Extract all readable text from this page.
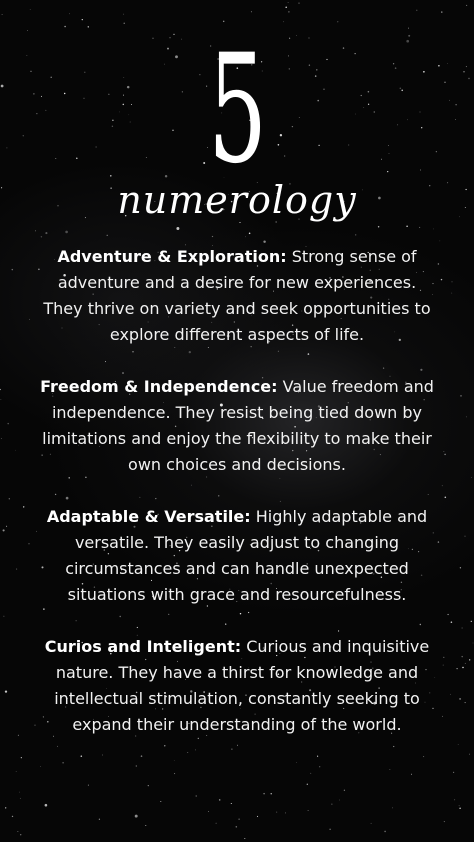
5
numerology

Adventure & Exploration: Strong sense of adventure and a desire for new experiences. They thrive on variety and seek opportunities to explore different aspects of life.

Freedom & Independence: Value freedom and independence. They resist being tied down by limitations and enjoy the flexibility to make their own choices and decisions.

Adaptable & Versatile: Highly adaptable and versatile. They easily adjust to changing circumstances and can handle unexpected situations with grace and resourcefulness.

Curios and Inteligent: Curious and inquisitive nature. They have a thirst for knowledge and intellectual stimulation, constantly seeking to expand their understanding of the world.
